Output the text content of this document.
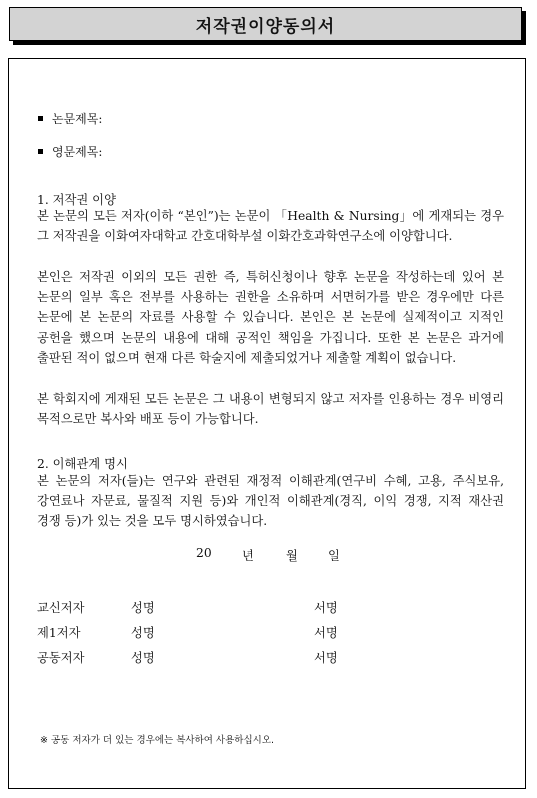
저작권이양동의서
논문제목:
영문제목:
1. 저작권 이양
본 논문의 모든 저자(이하 “본인”)는 논문이 「Health & Nursing」에 게재되는 경우 그 저작권을 이화여자대학교 간호대학부설 이화간호과학연구소에 이양합니다.
본인은 저작권 이외의 모든 권한 즉, 특허신청이나 향후 논문을 작성하는데 있어 본 논문의 일부 혹은 전부를 사용하는 권한을 소유하며 서면허가를 받은 경우에만 다른 논문에 본 논문의 자료를 사용할 수 있습니다. 본인은 본 논문에 실제적이고 지적인 공헌을 했으며 논문의 내용에 대해 공적인 책임을 가집니다. 또한 본 논문은 과거에 출판된 적이 없으며 현재 다른 학술지에 제출되었거나 제출할 계획이 없습니다.
본 학회지에 게재된 모든 논문은 그 내용이 변형되지 않고 저자를 인용하는 경우 비영리 목적으로만 복사와 배포 등이 가능합니다.
2. 이해관계 명시
본 논문의 저자(들)는 연구와 관련된 재정적 이해관계(연구비 수혜, 고용, 주식보유, 강연료나 자문료, 물질적 지원 등)와 개인적 이해관계(경직, 이익 경쟁, 지적 재산권 경쟁 등)가 있는 것을 모두 명시하였습니다.
20 년	월 일
교신저자	성명	서명
제1저자	성명	서명
공동저자	성명	서명
※ 공동 저자가 더 있는 경우에는 복사하여 사용하십시오.
